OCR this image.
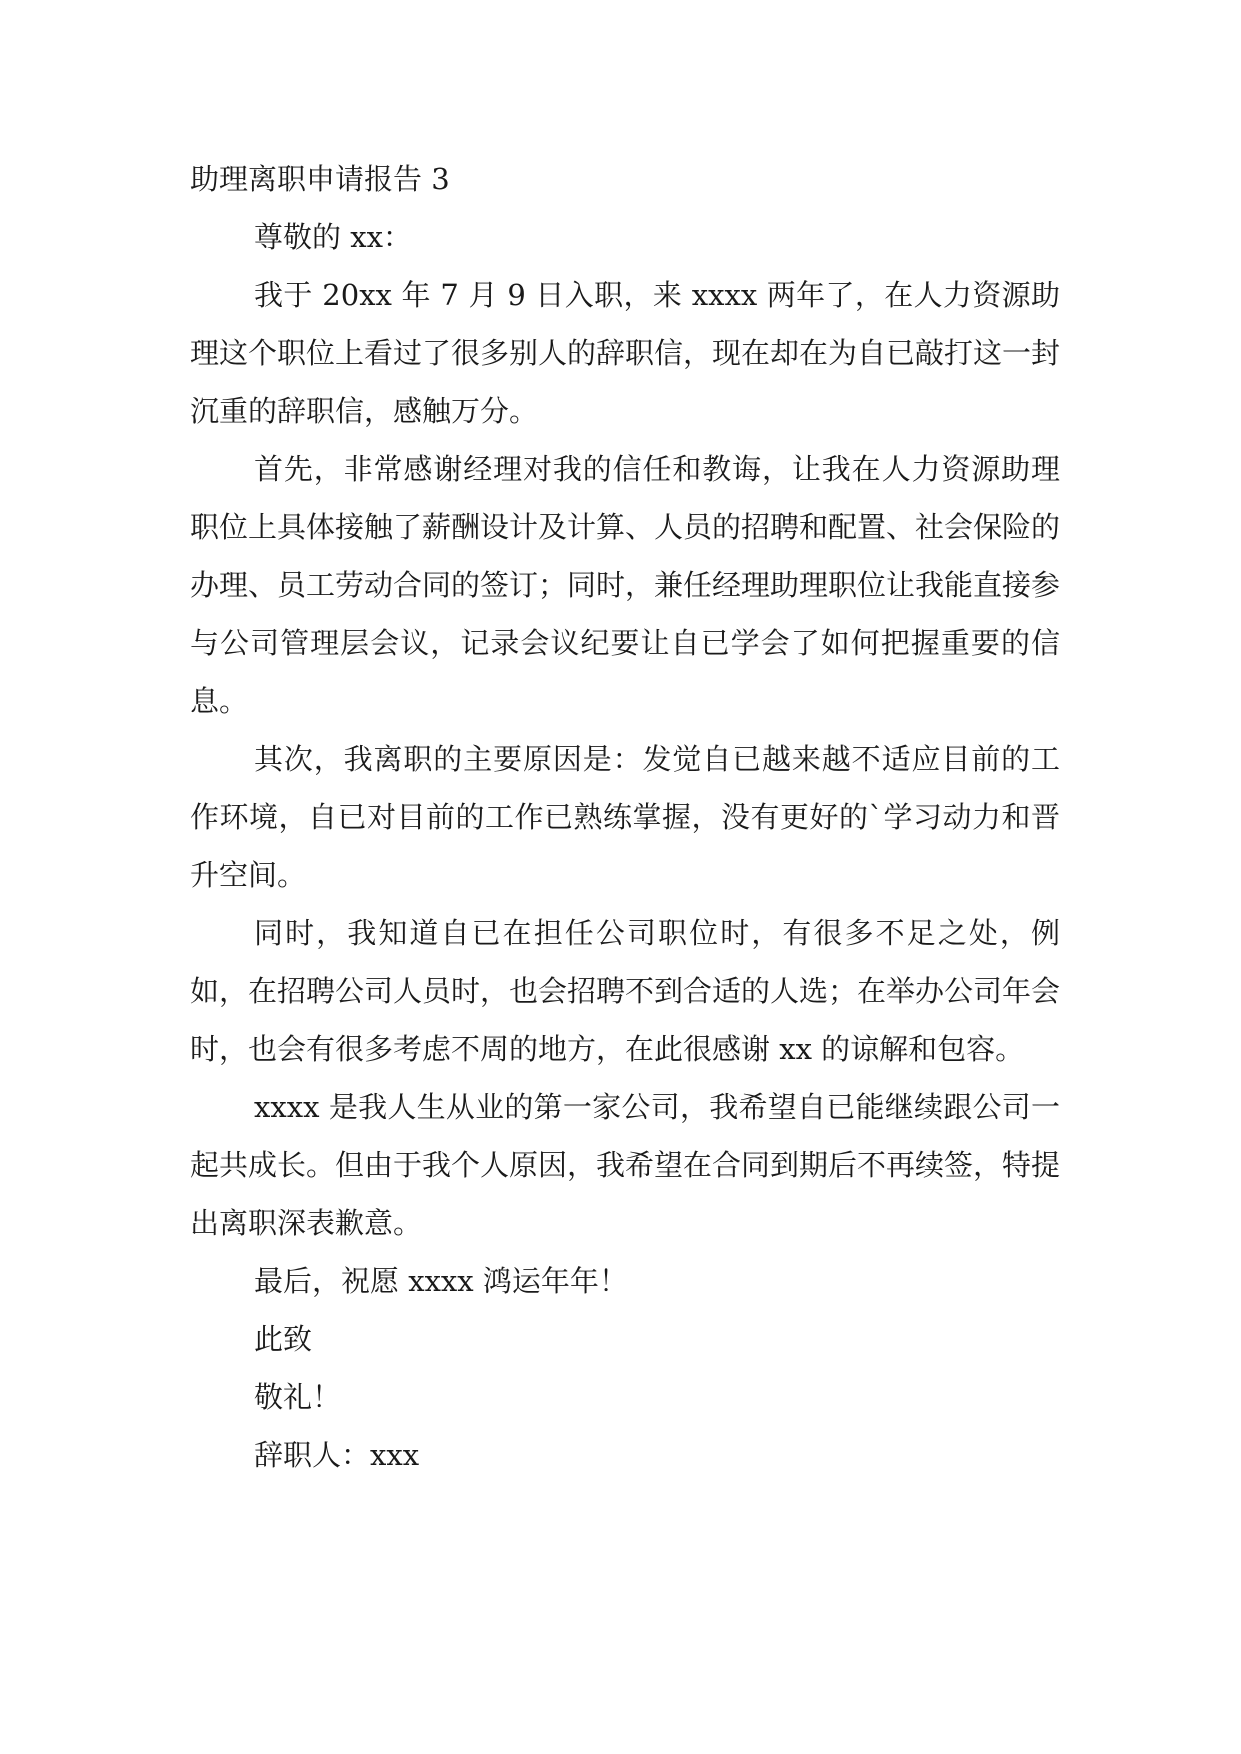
助理离职申请报告 3

尊敬的 xx：

我于 20xx 年 7 月 9 日入职，来 xxxx 两年了，在人力资源助理这个职位上看过了很多别人的辞职信，现在却在为自已敲打这一封沉重的辞职信，感触万分。

首先，非常感谢经理对我的信任和教诲，让我在人力资源助理职位上具体接触了薪酬设计及计算、人员的招聘和配置、社会保险的办理、员工劳动合同的签订；同时，兼任经理助理职位让我能直接参与公司管理层会议，记录会议纪要让自已学会了如何把握重要的信息。

其次，我离职的主要原因是：发觉自已越来越不适应目前的工作环境，自已对目前的工作已熟练掌握，没有更好的`学习动力和晋升空间。

同时，我知道自已在担任公司职位时，有很多不足之处，例如，在招聘公司人员时，也会招聘不到合适的人选；在举办公司年会时，也会有很多考虑不周的地方，在此很感谢 xx 的谅解和包容。

xxxx 是我人生从业的第一家公司，我希望自已能继续跟公司一起共成长。但由于我个人原因，我希望在合同到期后不再续签，特提出离职深表歉意。

最后，祝愿 xxxx 鸿运年年！

此致

敬礼！

辞职人：xxx
